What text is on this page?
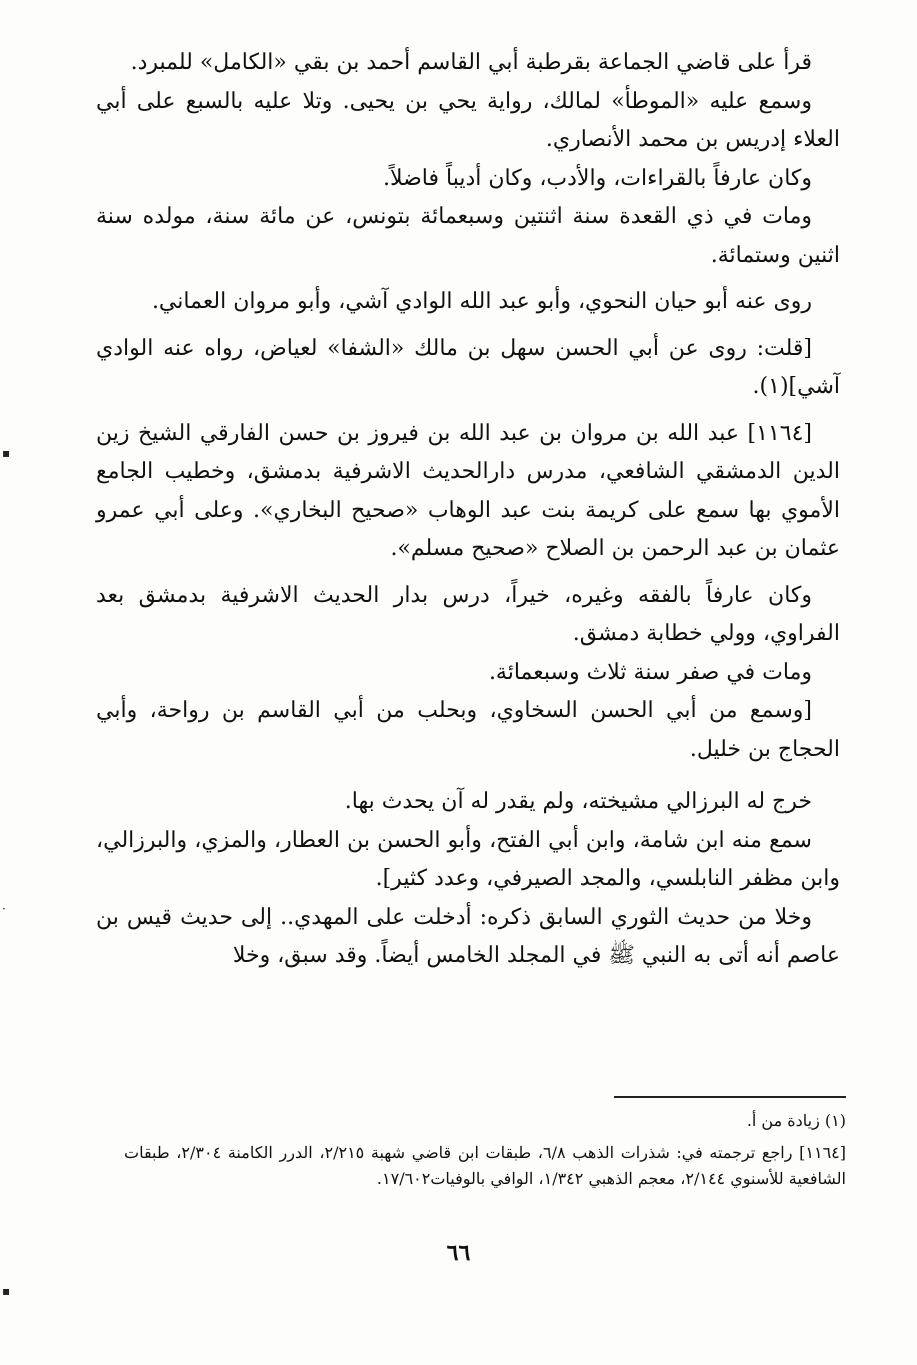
قرأ على قاضي الجماعة بقرطبة أبي القاسم أحمد بن بقي «الكامل» للمبرد.

وسمع عليه «الموطأ» لمالك، رواية يحي بن يحيى. وتلا عليه بالسبع على أبي العلاء إدريس بن محمد الأنصاري.

وكان عارفاً بالقراءات، والأدب، وكان أديباً فاضلاً.

ومات في ذي القعدة سنة اثنتين وسبعمائة بتونس، عن مائة سنة، مولده سنة اثنين وستمائة.

روى عنه أبو حيان النحوي، وأبو عبد الله الوادي آشي، وأبو مروان العماني.

[قلت: روى عن أبي الحسن سهل بن مالك «الشفا» لعياض، رواه عنه الوادي آشي](١).

[١١٦٤] عبد الله بن مروان بن عبد الله بن فيروز بن حسن الفارقي الشيخ زين الدين الدمشقي الشافعي، مدرس دارالحديث الاشرفية بدمشق، وخطيب الجامع الأموي بها سمع على كريمة بنت عبد الوهاب «صحيح البخاري». وعلى أبي عمرو عثمان بن عبد الرحمن بن الصلاح «صحيح مسلم».

وكان عارفاً بالفقه وغيره، خيراً، درس بدار الحديث الاشرفية بدمشق بعد الفراوي، وولي خطابة دمشق.

ومات في صفر سنة ثلاث وسبعمائة.

[وسمع من أبي الحسن السخاوي، وبحلب من أبي القاسم بن رواحة، وأبي الحجاج بن خليل.

خرج له البرزالي مشيخته، ولم يقدر له آن يحدث بها.

سمع منه ابن شامة، وابن أبي الفتح، وأبو الحسن بن العطار، والمزي، والبرزالي، وابن مظفر النابلسي، والمجد الصيرفي، وعدد كثير].

وخلا من حديث الثوري السابق ذكره: أدخلت على المهدي.. إلى حديث قيس بن عاصم أنه أتى به النبي ﷺ في المجلد الخامس أيضاً. وقد سبق، وخلا

(١) زيادة من أ.

[١١٦٤] راجع ترجمته في: شذرات الذهب ٦/٨، طبقات ابن قاضي شهبة ٢/٢١٥، الدرر الكامنة ٢/٣٠٤، طبقات الشافعية للأسنوي ٢/١٤٤، معجم الذهبي ١/٣٤٢، الوافي بالوفيات١٧/٦٠٢.

٦٦
▪
·
▪
